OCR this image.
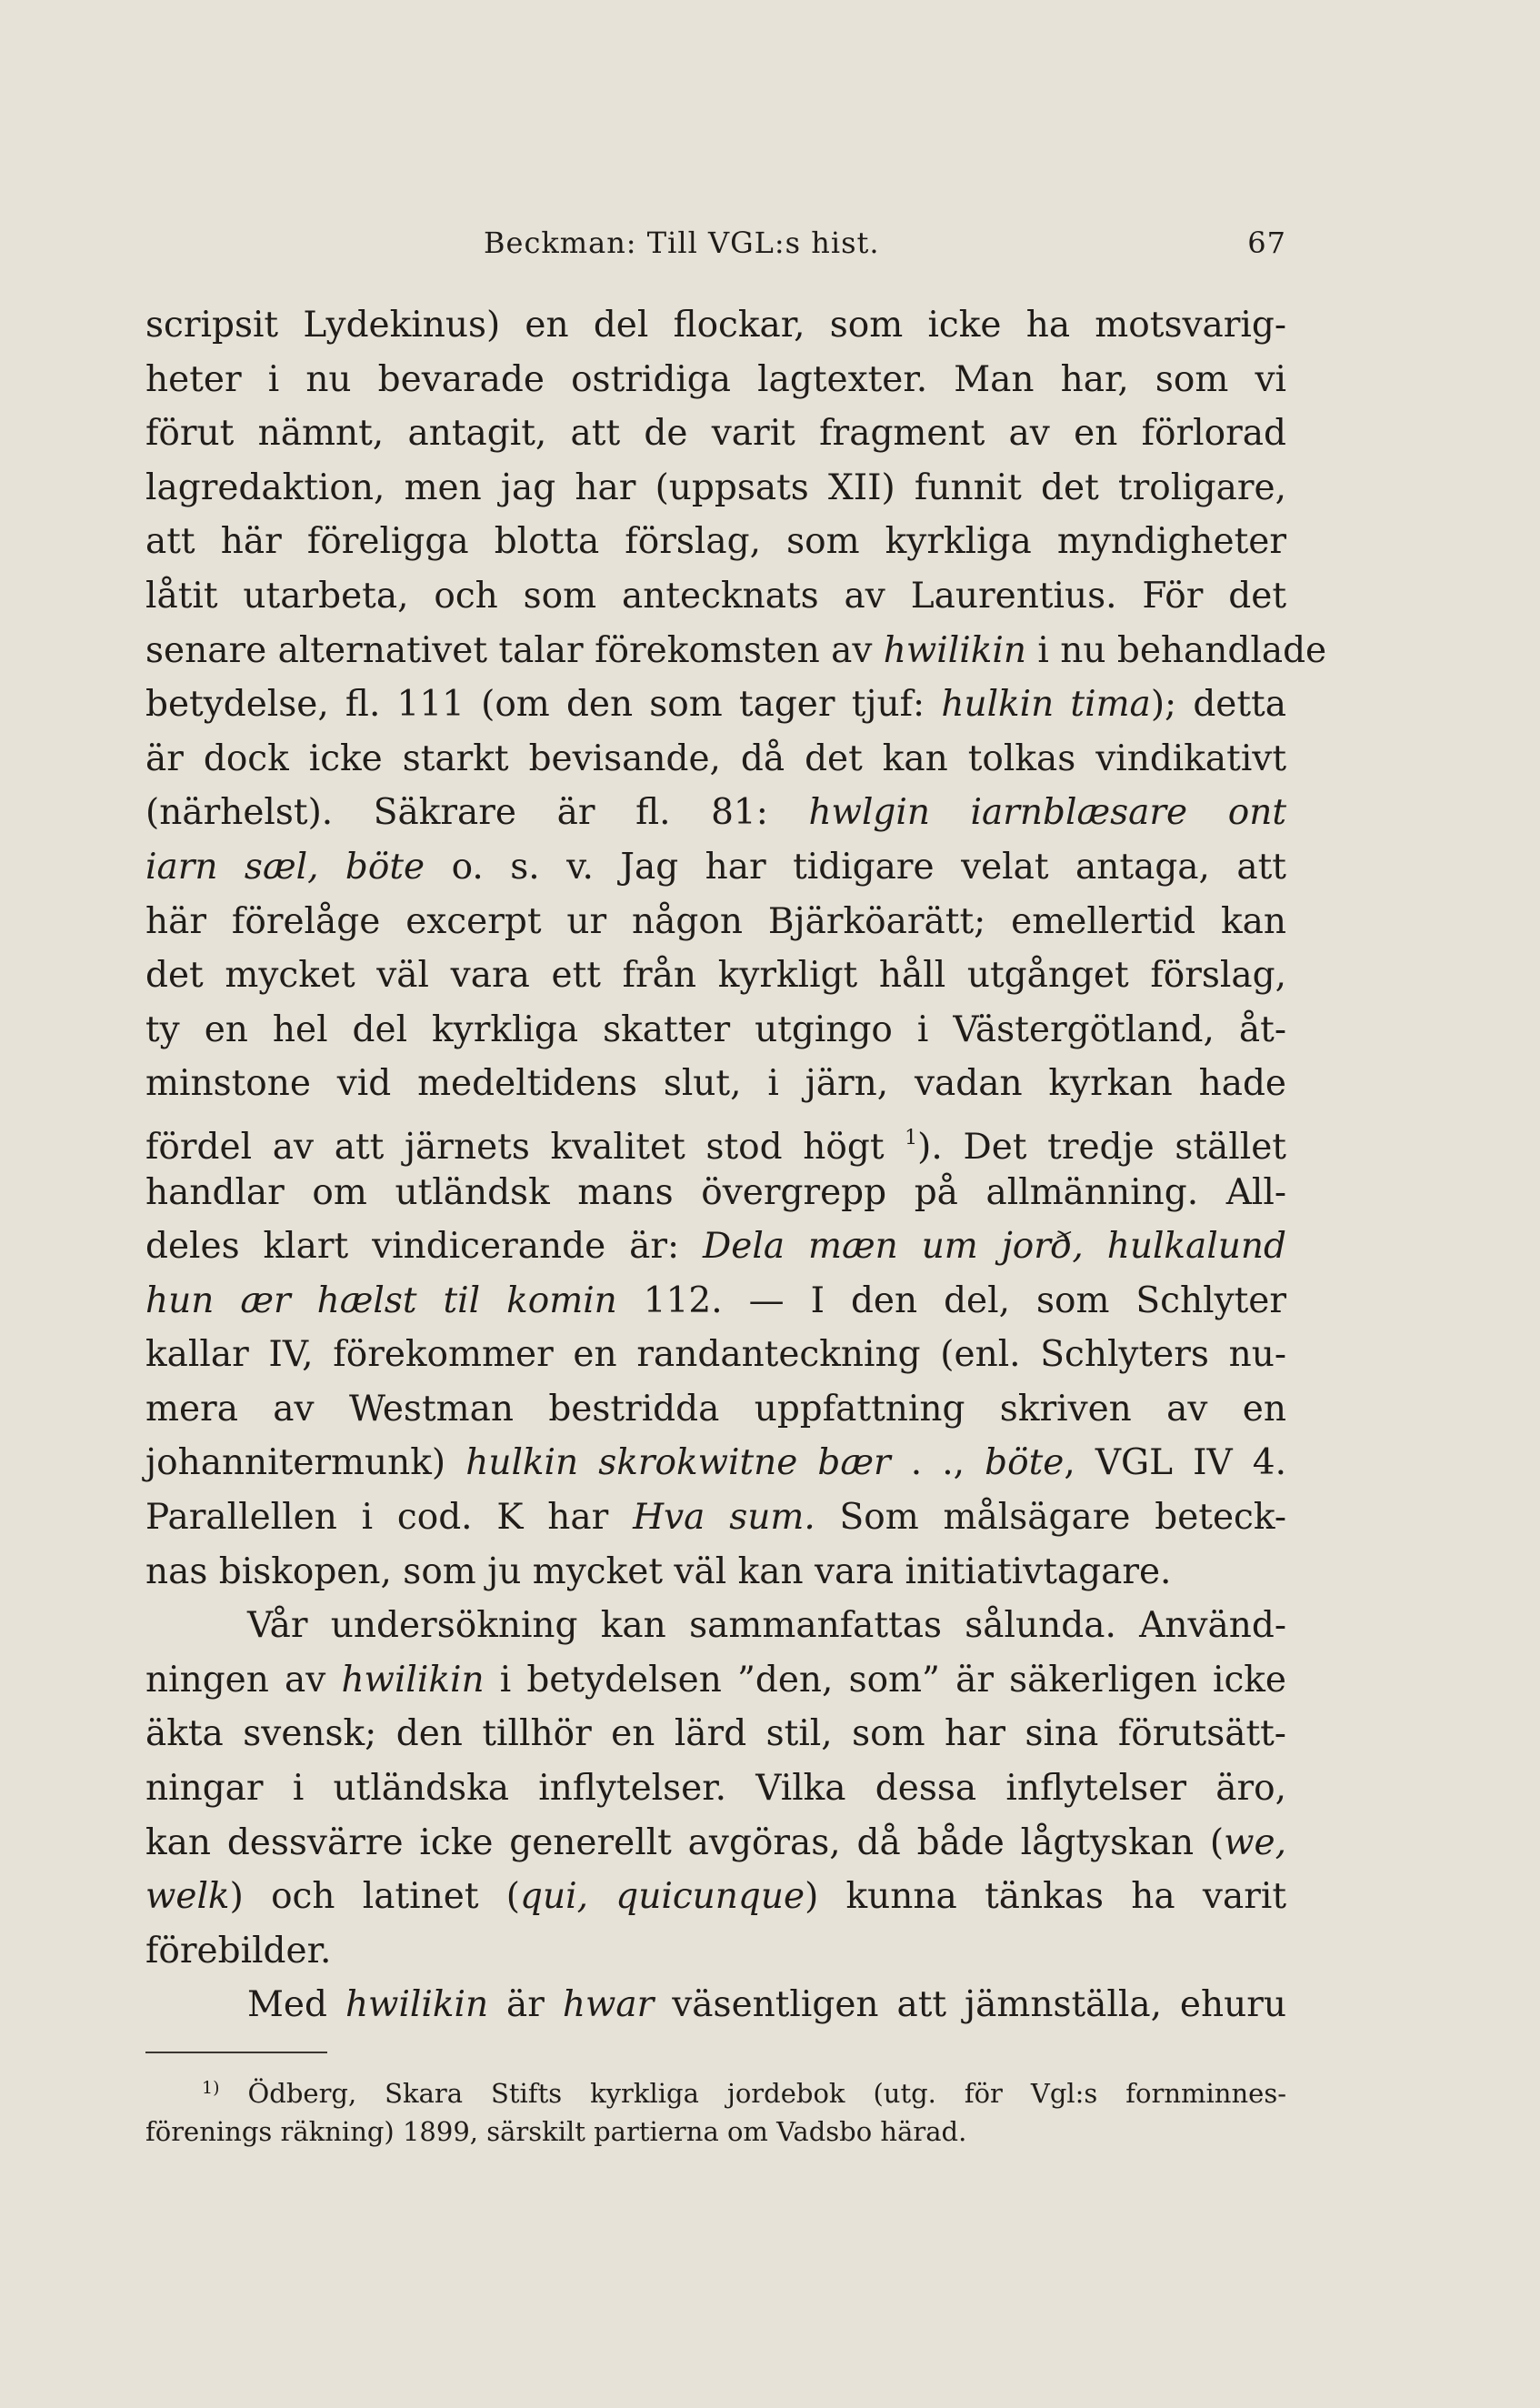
Beckman: Till VGL:s hist.	67
scripsit Lydekinus) en del flockar, som icke ha motsvarig-
heter i nu bevarade ostridiga lagtexter. Man har, som vi
förut nämnt, antagit, att de varit fragment av en förlorad
lagredaktion, men jag har (uppsats XII) funnit det troligare,
att här föreligga blotta förslag, som kyrkliga myndigheter
låtit utarbeta, och som antecknats av Laurentius. För det
senare alternativet talar förekomsten av hwilikin i nu behandlade
betydelse, fl. 111 (om den som tager tjuf: hulkin tima); detta
är dock icke starkt bevisande, då det kan tolkas vindikativt
(närhelst). Säkrare är fl. 81: hwlgin iarnblæsare ont
iarn sæl, böte o. s. v. Jag har tidigare velat antaga, att
här förelåge excerpt ur någon Bjärköarätt; emellertid kan
det mycket väl vara ett från kyrkligt håll utgånget förslag,
ty en hel del kyrkliga skatter utgingo i Västergötland, åt-
minstone vid medeltidens slut, i järn, vadan kyrkan hade
fördel av att järnets kvalitet stod högt $^1$). Det tredje stället
handlar om utländsk mans övergrepp på allmänning. All-
deles klart vindicerande är: Dela mæn um jorð, hulkalund
hun ær hælst til komin 112. — I den del, som Schlyter
kallar IV, förekommer en randanteckning (enl. Schlyters nu-
mera av Westman bestridda uppfattning skriven av en
johannitermunk) hulkin skrokwitne bær . ., böte, VGL IV 4.
Parallellen i cod. K har Hva sum. Som målsägare beteck-
nas biskopen, som ju mycket väl kan vara initiativtagare.
Vår undersökning kan sammanfattas sålunda. Använd-
ningen av hwilikin i betydelsen ”den, som” är säkerligen icke
äkta svensk; den tillhör en lärd stil, som har sina förutsätt-
ningar i utländska inflytelser. Vilka dessa inflytelser äro,
kan dessvärre icke generellt avgöras, då både lågtyskan (we,
welk) och latinet (qui, quicunque) kunna tänkas ha varit
förebilder.
Med hwilikin är hwar väsentligen att jämnställa, ehuru
$^{1)}$ Ödberg, Skara Stifts kyrkliga jordebok (utg. för Vgl:s fornminnes-
förenings räkning) 1899, särskilt partierna om Vadsbo härad.
